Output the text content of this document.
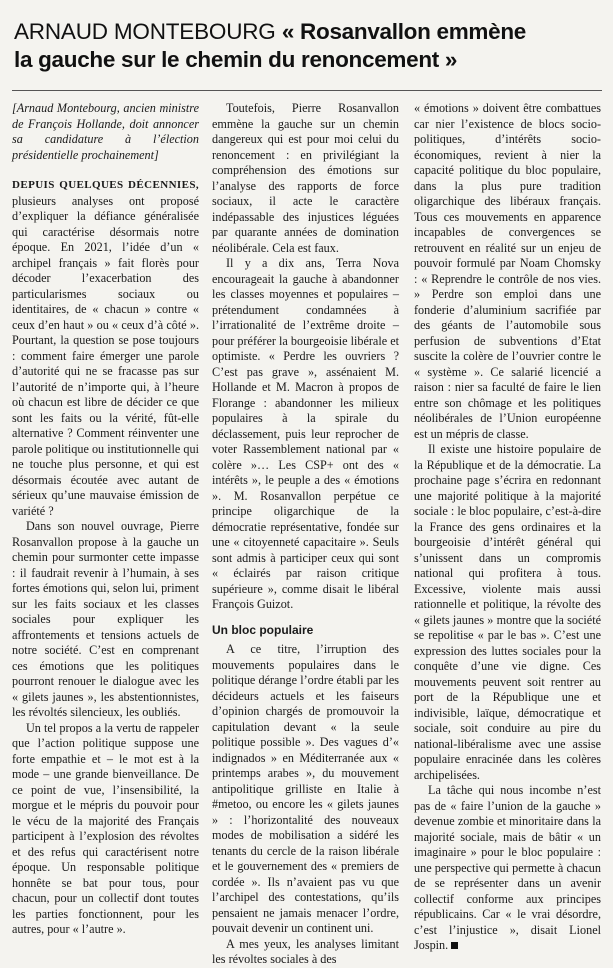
ARNAUD MONTEBOURG « Rosanvallon emmène
la gauche sur le chemin du renoncement »

[Arnaud Montebourg, ancien ministre de François Hollande, doit annoncer sa candidature à l’élection présidentielle prochainement]

DEPUIS QUELQUES DÉCENNIES, plusieurs analyses ont proposé d’expliquer la défiance généralisée qui caractérise désormais notre époque. En 2021, l’idée d’un « archipel français » fait florès pour décoder l’exacerbation des particularismes sociaux ou identitaires, de « chacun » contre « ceux d’en haut » ou « ceux d’à côté ». Pourtant, la question se pose toujours : comment faire émerger une parole d’autorité qui ne se fracasse pas sur l’autorité de n’importe qui, à l’heure où chacun est libre de décider ce que sont les faits ou la vérité, fût-elle alternative ? Comment réinventer une parole politique ou institutionnelle qui ne touche plus personne, et qui est désormais écoutée avec autant de sérieux qu’une mauvaise émission de variété ?

Dans son nouvel ouvrage, Pierre Rosanvallon propose à la gauche un chemin pour surmonter cette impasse : il faudrait revenir à l’humain, à ses fortes émotions qui, selon lui, priment sur les faits sociaux et les classes sociales pour expliquer les affrontements et tensions actuels de notre société. C’est en comprenant ces émotions que les politiques pourront renouer le dialogue avec les « gilets jaunes », les abstentionnistes, les révoltés silencieux, les oubliés.

Un tel propos a la vertu de rappeler que l’action politique suppose une forte empathie et – le mot est à la mode – une grande bienveillance. De ce point de vue, l’insensibilité, la morgue et le mépris du pouvoir pour le vécu de la majorité des Français participent à l’explosion des révoltes et des refus qui caractérisent notre époque. Un responsable politique honnête se bat pour tous, pour chacun, pour un collectif dont toutes les parties fonctionnent, pour les autres, pour « l’autre ».

Toutefois, Pierre Rosanvallon emmène la gauche sur un chemin dangereux qui est pour moi celui du renoncement : en privilégiant la compréhension des émotions sur l’analyse des rapports de force sociaux, il acte le caractère indépassable des injustices léguées par quarante années de domination néolibérale. Cela est faux.

Il y a dix ans, Terra Nova encourageait la gauche à abandonner les classes moyennes et populaires – prétendument condamnées à l’irrationalité de l’extrême droite – pour préférer la bourgeoisie libérale et optimiste. « Perdre les ouvriers ? C’est pas grave », assénaient M. Hollande et M. Macron à propos de Florange : abandonner les milieux populaires à la spirale du déclassement, puis leur reprocher de voter Rassemblement national par « colère »… Les CSP+ ont des « intérêts », le peuple a des « émotions ». M. Rosanvallon perpétue ce principe oligarchique de la démocratie représentative, fondée sur une « citoyenneté capacitaire ». Seuls sont admis à participer ceux qui sont « éclairés par raison critique supérieure », comme disait le libéral François Guizot.

Un bloc populaire

A ce titre, l’irruption des mouvements populaires dans le politique dérange l’ordre établi par les décideurs actuels et les faiseurs d’opinion chargés de promouvoir la capitulation devant « la seule politique possible ». Des vagues d’« indignados » en Méditerranée aux « printemps arabes », du mouvement antipolitique grilliste en Italie à #metoo, ou encore les « gilets jaunes » : l’horizontalité des nouveaux modes de mobilisation a sidéré les tenants du cercle de la raison libérale et le gouvernement des « premiers de cordée ». Ils n’avaient pas vu que l’archipel des contestations, qu’ils pensaient ne jamais menacer l’ordre, pouvait devenir un continent uni.

A mes yeux, les analyses limitant les révoltes sociales à des

« émotions » doivent être combattues car nier l’existence de blocs socio-politiques, d’intérêts socio-économiques, revient à nier la capacité politique du bloc populaire, dans la plus pure tradition oligarchique des libéraux français. Tous ces mouvements en apparence incapables de convergences se retrouvent en réalité sur un enjeu de pouvoir formulé par Noam Chomsky : « Reprendre le contrôle de nos vies. » Perdre son emploi dans une fonderie d’aluminium sacrifiée par des géants de l’automobile sous perfusion de subventions d’Etat suscite la colère de l’ouvrier contre le « système ». Ce salarié licencié a raison : nier sa faculté de faire le lien entre son chômage et les politiques néolibérales de l’Union européenne est un mépris de classe.

Il existe une histoire populaire de la République et de la démocratie. La prochaine page s’écrira en redonnant une majorité politique à la majorité sociale : le bloc populaire, c’est-à-dire la France des gens ordinaires et la bourgeoisie d’intérêt général qui s’unissent dans un compromis national qui profitera à tous. Excessive, violente mais aussi rationnelle et politique, la révolte des « gilets jaunes » montre que la société se repolitise « par le bas ». C’est une expression des luttes sociales pour la conquête d’une vie digne. Ces mouvements peuvent soit rentrer au port de la République une et indivisible, laïque, démocratique et sociale, soit conduire au pire du national-libéralisme avec une assise populaire enracinée dans les colères archipelisées.

La tâche qui nous incombe n’est pas de « faire l’union de la gauche » devenue zombie et minoritaire dans la majorité sociale, mais de bâtir « un imaginaire » pour le bloc populaire : une perspective qui permette à chacun de se représenter dans un avenir collectif conforme aux principes républicains. Car « le vrai désordre, c’est l’injustice », disait Lionel Jospin.
